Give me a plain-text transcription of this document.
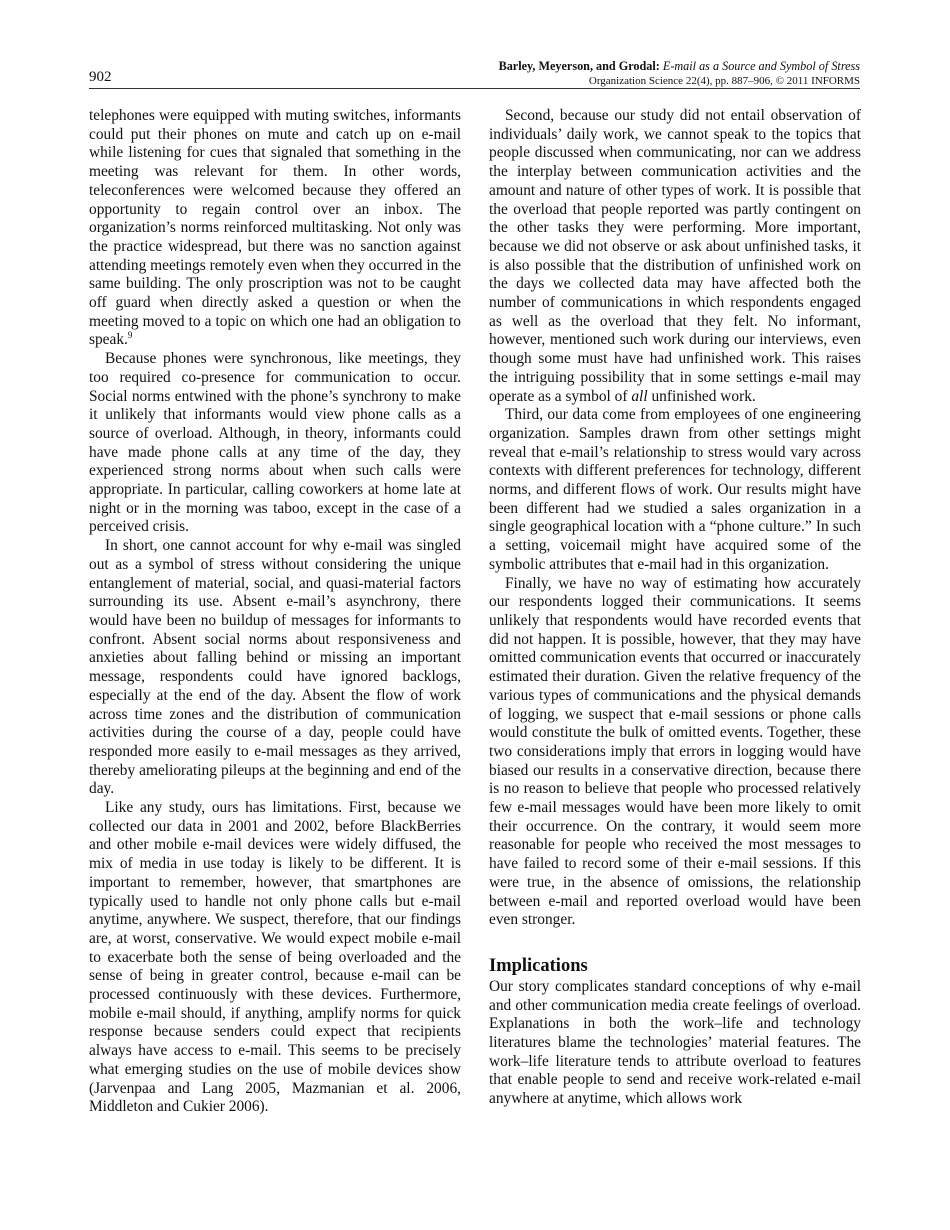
902
Barley, Meyerson, and Grodal: E-mail as a Source and Symbol of Stress
Organization Science 22(4), pp. 887–906, © 2011 INFORMS

telephones were equipped with muting switches, informants could put their phones on mute and catch up on e-mail while listening for cues that signaled that something in the meeting was relevant for them. In other words, teleconferences were welcomed because they offered an opportunity to regain control over an inbox. The organization’s norms reinforced multitasking. Not only was the practice widespread, but there was no sanction against attending meetings remotely even when they occurred in the same building. The only proscription was not to be caught off guard when directly asked a question or when the meeting moved to a topic on which one had an obligation to speak.$^9$

Because phones were synchronous, like meetings, they too required co-presence for communication to occur. Social norms entwined with the phone’s synchrony to make it unlikely that informants would view phone calls as a source of overload. Although, in theory, informants could have made phone calls at any time of the day, they experienced strong norms about when such calls were appropriate. In particular, calling coworkers at home late at night or in the morning was taboo, except in the case of a perceived crisis.

In short, one cannot account for why e-mail was singled out as a symbol of stress without considering the unique entanglement of material, social, and quasi-material factors surrounding its use. Absent e-mail’s asynchrony, there would have been no buildup of messages for informants to confront. Absent social norms about responsiveness and anxieties about falling behind or missing an important message, respondents could have ignored backlogs, especially at the end of the day. Absent the flow of work across time zones and the distribution of communication activities during the course of a day, people could have responded more easily to e-mail messages as they arrived, thereby ameliorating pileups at the beginning and end of the day.

Like any study, ours has limitations. First, because we collected our data in 2001 and 2002, before BlackBerries and other mobile e-mail devices were widely diffused, the mix of media in use today is likely to be different. It is important to remember, however, that smartphones are typically used to handle not only phone calls but e-mail anytime, anywhere. We suspect, therefore, that our findings are, at worst, conservative. We would expect mobile e-mail to exacerbate both the sense of being overloaded and the sense of being in greater control, because e-mail can be processed continuously with these devices. Furthermore, mobile e-mail should, if anything, amplify norms for quick response because senders could expect that recipients always have access to e-mail. This seems to be precisely what emerging studies on the use of mobile devices show (Jarvenpaa and Lang 2005, Mazmanian et al. 2006, Middleton and Cukier 2006).

Second, because our study did not entail observation of individuals’ daily work, we cannot speak to the topics that people discussed when communicating, nor can we address the interplay between communication activities and the amount and nature of other types of work. It is possible that the overload that people reported was partly contingent on the other tasks they were performing. More important, because we did not observe or ask about unfinished tasks, it is also possible that the distribution of unfinished work on the days we collected data may have affected both the number of communications in which respondents engaged as well as the overload that they felt. No informant, however, mentioned such work during our interviews, even though some must have had unfinished work. This raises the intriguing possibility that in some settings e-mail may operate as a symbol of all unfinished work.

Third, our data come from employees of one engineering organization. Samples drawn from other settings might reveal that e-mail’s relationship to stress would vary across contexts with different preferences for technology, different norms, and different flows of work. Our results might have been different had we studied a sales organization in a single geographical location with a “phone culture.” In such a setting, voicemail might have acquired some of the symbolic attributes that e-mail had in this organization.

Finally, we have no way of estimating how accurately our respondents logged their communications. It seems unlikely that respondents would have recorded events that did not happen. It is possible, however, that they may have omitted communication events that occurred or inaccurately estimated their duration. Given the relative frequency of the various types of communications and the physical demands of logging, we suspect that e-mail sessions or phone calls would constitute the bulk of omitted events. Together, these two considerations imply that errors in logging would have biased our results in a conservative direction, because there is no reason to believe that people who processed relatively few e-mail messages would have been more likely to omit their occurrence. On the contrary, it would seem more reasonable for people who received the most messages to have failed to record some of their e-mail sessions. If this were true, in the absence of omissions, the relationship between e-mail and reported overload would have been even stronger.

Implications

Our story complicates standard conceptions of why e-mail and other communication media create feelings of overload. Explanations in both the work–life and technology literatures blame the technologies’ material features. The work–life literature tends to attribute overload to features that enable people to send and receive work-related e-mail anywhere at anytime, which allows work
